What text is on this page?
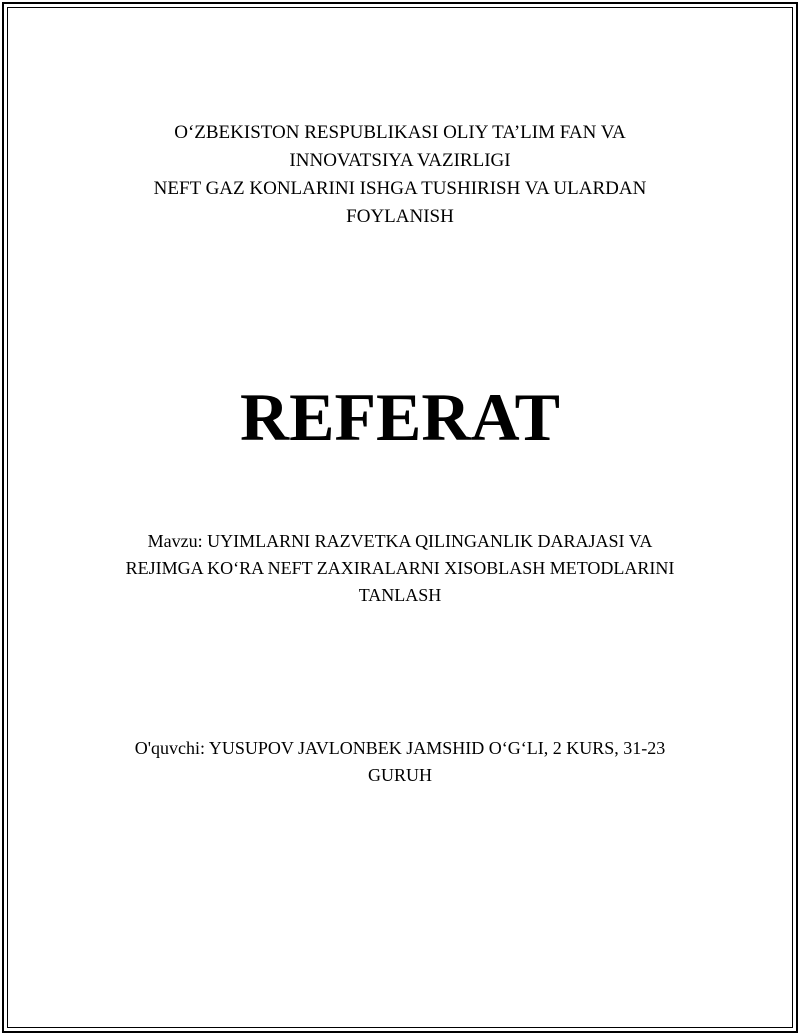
O‘ZBEKISTON RESPUBLIKASI OLIY TA’LIM FAN VA
INNOVATSIYA VAZIRLIGI
NEFT GAZ KONLARINI ISHGA TUSHIRISH VA ULARDAN
FOYLANISH
REFERAT
Mavzu: UYIMLARNI RAZVETKA QILINGANLIK DARAJASI VA
REJIMGA KO‘RA NEFT ZAXIRALARNI XISOBLASH METODLARINI
TANLASH
O'quvchi: YUSUPOV JAVLONBEK JAMSHID O‘G‘LI, 2 KURS, 31-23
GURUH
